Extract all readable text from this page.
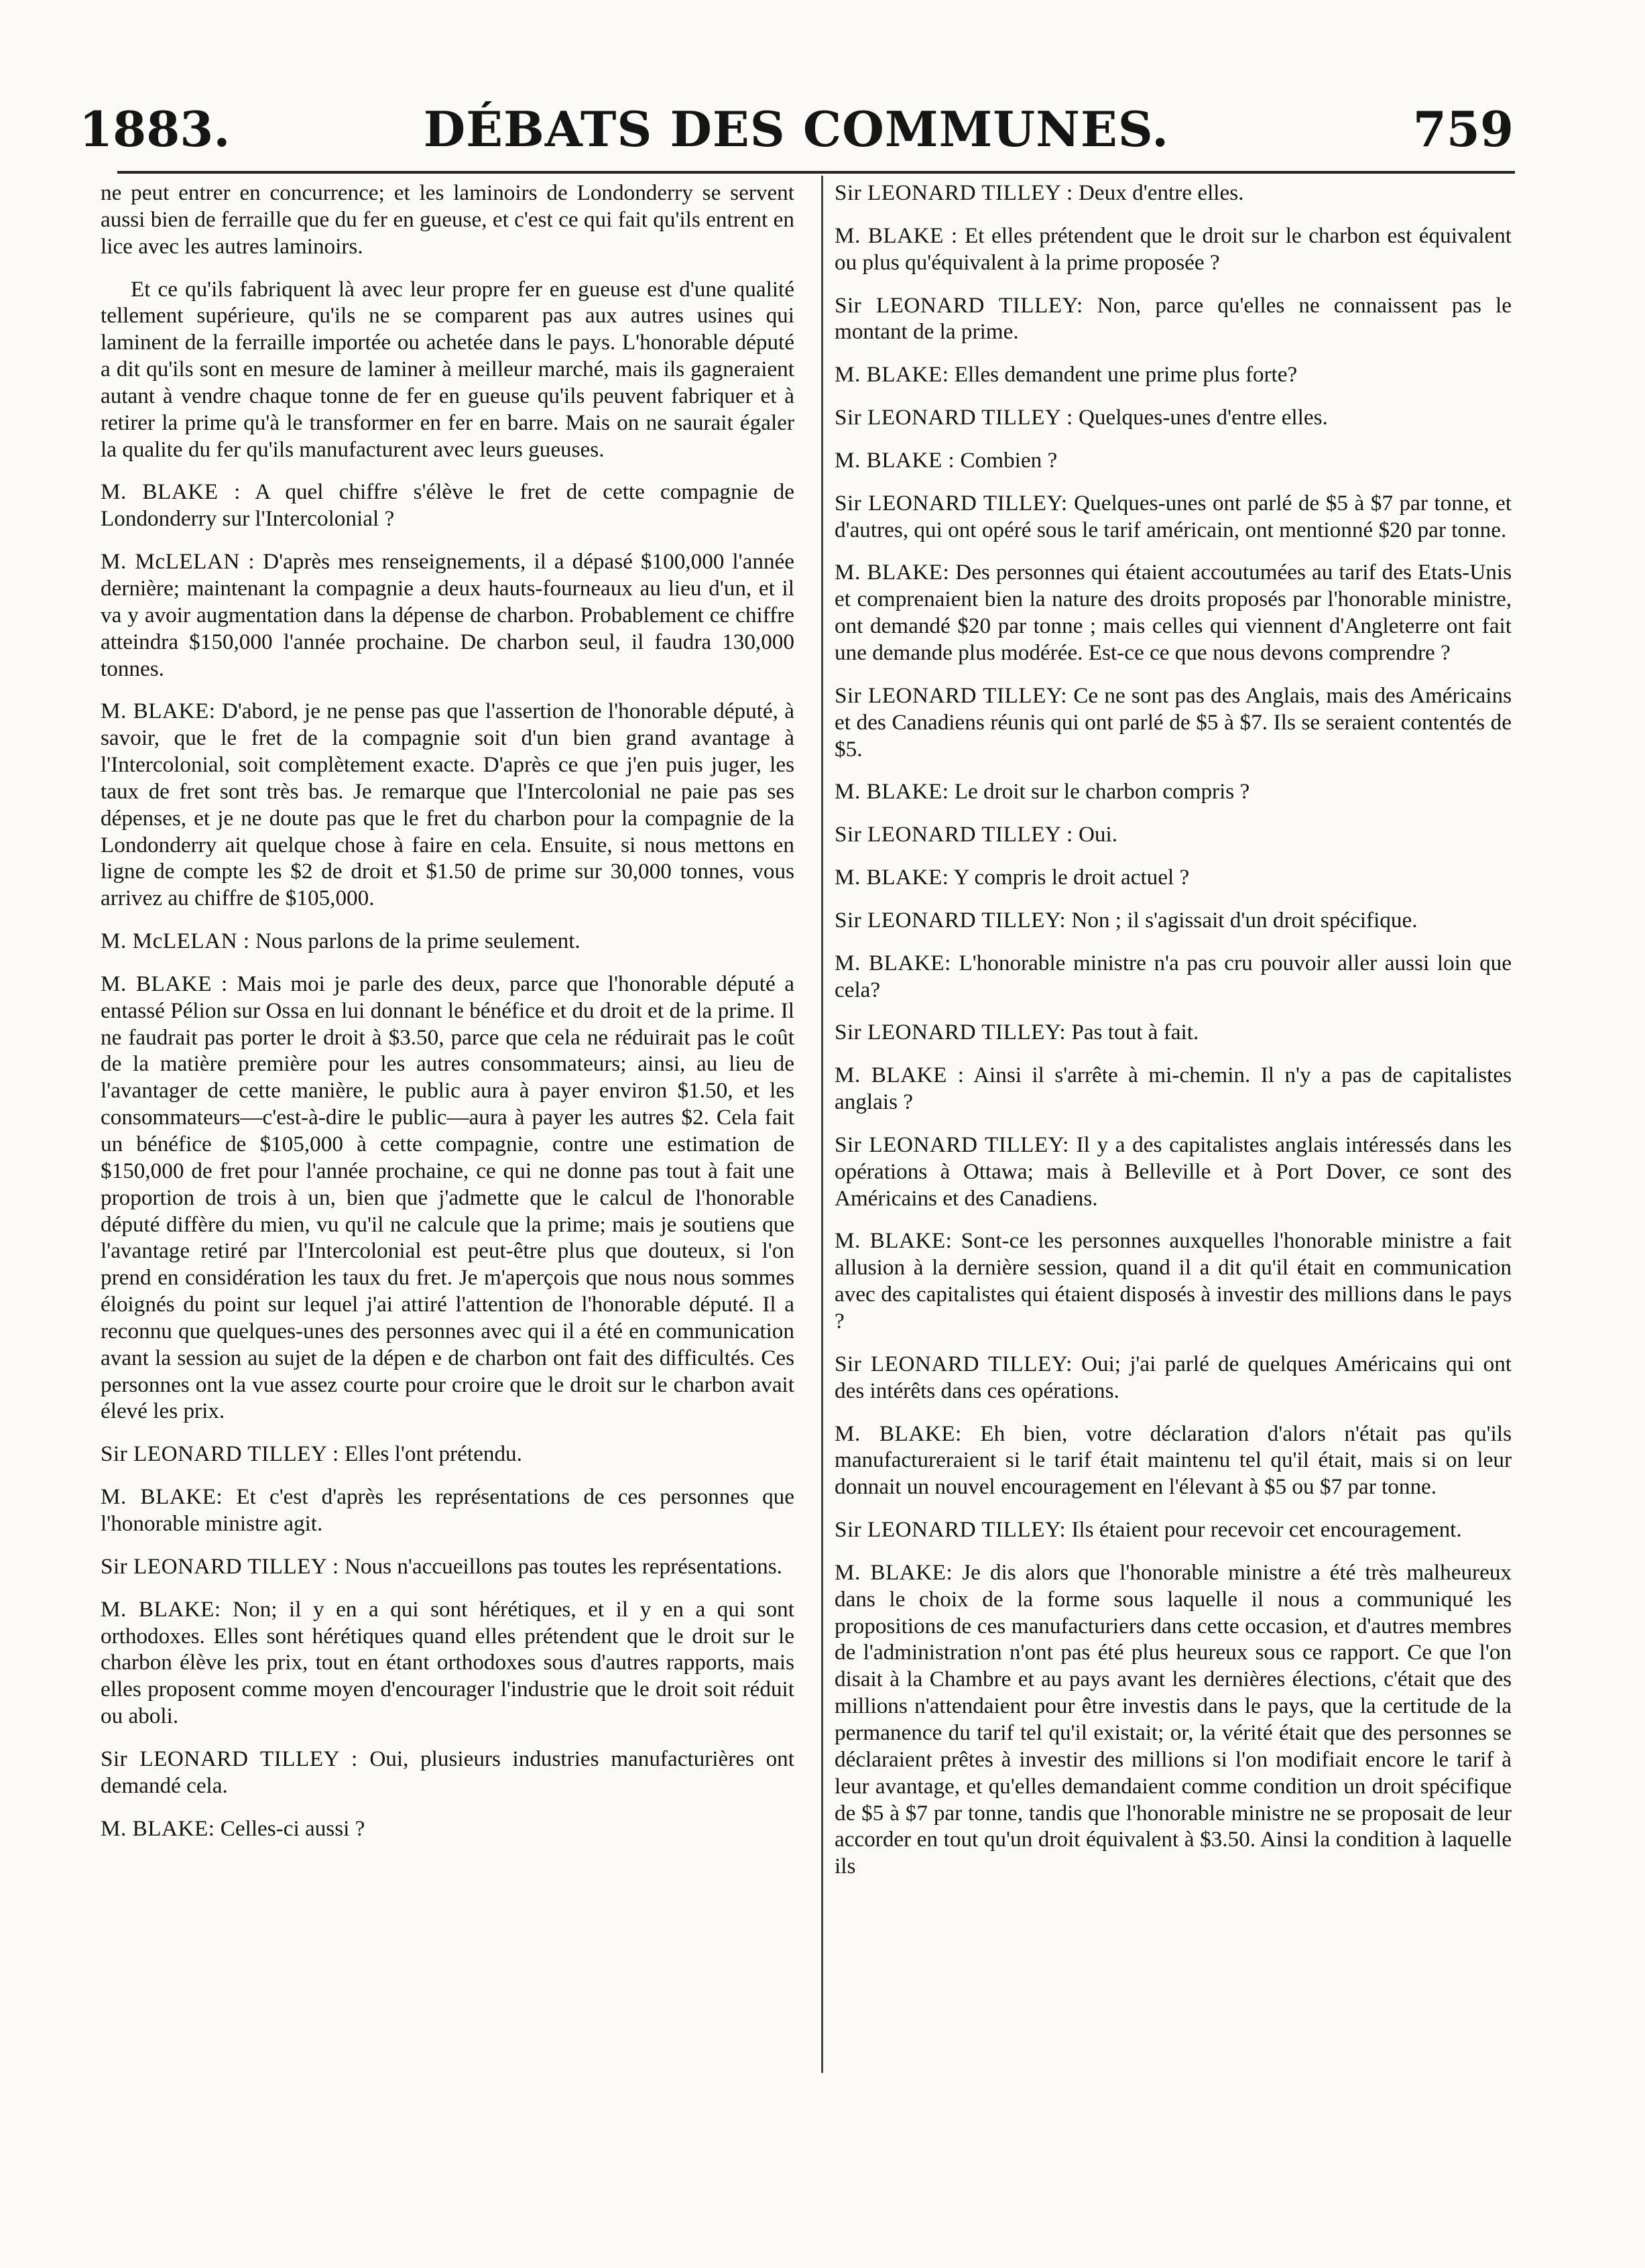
1883.	DÉBATS DES COMMUNES.	759

ne peut entrer en concurrence; et les laminoirs de Londonderry se servent aussi bien de ferraille que du fer en gueuse, et c'est ce qui fait qu'ils entrent en lice avec les autres laminoirs.

Et ce qu'ils fabriquent là avec leur propre fer en gueuse est d'une qualité tellement supérieure, qu'ils ne se comparent pas aux autres usines qui laminent de la ferraille importée ou achetée dans le pays. L'honorable député a dit qu'ils sont en mesure de laminer à meilleur marché, mais ils gagneraient autant à vendre chaque tonne de fer en gueuse qu'ils peuvent fabriquer et à retirer la prime qu'à le transformer en fer en barre. Mais on ne saurait égaler la qualite du fer qu'ils manufacturent avec leurs gueuses.

M. BLAKE : A quel chiffre s'élève le fret de cette compagnie de Londonderry sur l'Intercolonial ?

M. McLELAN : D'après mes renseignements, il a dépasé $100,000 l'année dernière; maintenant la compagnie a deux hauts-fourneaux au lieu d'un, et il va y avoir augmentation dans la dépense de charbon. Probablement ce chiffre atteindra $150,000 l'année prochaine. De charbon seul, il faudra 130,000 tonnes.

M. BLAKE: D'abord, je ne pense pas que l'assertion de l'honorable député, à savoir, que le fret de la compagnie soit d'un bien grand avantage à l'Intercolonial, soit complètement exacte. D'après ce que j'en puis juger, les taux de fret sont très bas. Je remarque que l'Intercolonial ne paie pas ses dépenses, et je ne doute pas que le fret du charbon pour la compagnie de la Londonderry ait quelque chose à faire en cela. Ensuite, si nous mettons en ligne de compte les $2 de droit et $1.50 de prime sur 30,000 tonnes, vous arrivez au chiffre de $105,000.

M. McLELAN : Nous parlons de la prime seulement.

M. BLAKE : Mais moi je parle des deux, parce que l'honorable député a entassé Pélion sur Ossa en lui donnant le bénéfice et du droit et de la prime. Il ne faudrait pas porter le droit à $3.50, parce que cela ne réduirait pas le coût de la matière première pour les autres consommateurs; ainsi, au lieu de l'avantager de cette manière, le public aura à payer environ $1.50, et les consommateurs—c'est-à-dire le public—aura à payer les autres $2. Cela fait un bénéfice de $105,000 à cette compagnie, contre une estimation de $150,000 de fret pour l'année prochaine, ce qui ne donne pas tout à fait une proportion de trois à un, bien que j'admette que le calcul de l'honorable député diffère du mien, vu qu'il ne calcule que la prime; mais je soutiens que l'avantage retiré par l'Intercolonial est peut-être plus que douteux, si l'on prend en considération les taux du fret. Je m'aperçois que nous nous sommes éloignés du point sur lequel j'ai attiré l'attention de l'honorable député. Il a reconnu que quelques-unes des personnes avec qui il a été en communication avant la session au sujet de la dépen e de charbon ont fait des difficultés. Ces personnes ont la vue assez courte pour croire que le droit sur le charbon avait élevé les prix.

Sir LEONARD TILLEY : Elles l'ont prétendu.

M. BLAKE: Et c'est d'après les représentations de ces personnes que l'honorable ministre agit.

Sir LEONARD TILLEY : Nous n'accueillons pas toutes les représentations.

M. BLAKE: Non; il y en a qui sont hérétiques, et il y en a qui sont orthodoxes. Elles sont hérétiques quand elles prétendent que le droit sur le charbon élève les prix, tout en étant orthodoxes sous d'autres rapports, mais elles proposent comme moyen d'encourager l'industrie que le droit soit réduit ou aboli.

Sir LEONARD TILLEY : Oui, plusieurs industries manufacturières ont demandé cela.

M. BLAKE: Celles-ci aussi ?

Sir LEONARD TILLEY : Deux d'entre elles.

M. BLAKE : Et elles prétendent que le droit sur le charbon est équivalent ou plus qu'équivalent à la prime proposée ?

Sir LEONARD TILLEY: Non, parce qu'elles ne connaissent pas le montant de la prime.

M. BLAKE: Elles demandent une prime plus forte?

Sir LEONARD TILLEY : Quelques-unes d'entre elles.

M. BLAKE : Combien ?

Sir LEONARD TILLEY: Quelques-unes ont parlé de $5 à $7 par tonne, et d'autres, qui ont opéré sous le tarif américain, ont mentionné $20 par tonne.

M. BLAKE: Des personnes qui étaient accoutumées au tarif des Etats-Unis et comprenaient bien la nature des droits proposés par l'honorable ministre, ont demandé $20 par tonne ; mais celles qui viennent d'Angleterre ont fait une demande plus modérée. Est-ce ce que nous devons comprendre ?

Sir LEONARD TILLEY: Ce ne sont pas des Anglais, mais des Américains et des Canadiens réunis qui ont parlé de $5 à $7. Ils se seraient contentés de $5.

M. BLAKE: Le droit sur le charbon compris ?

Sir LEONARD TILLEY : Oui.

M. BLAKE: Y compris le droit actuel ?

Sir LEONARD TILLEY: Non ; il s'agissait d'un droit spécifique.

M. BLAKE: L'honorable ministre n'a pas cru pouvoir aller aussi loin que cela?

Sir LEONARD TILLEY: Pas tout à fait.

M. BLAKE : Ainsi il s'arrête à mi-chemin. Il n'y a pas de capitalistes anglais ?

Sir LEONARD TILLEY: Il y a des capitalistes anglais intéressés dans les opérations à Ottawa; mais à Belleville et à Port Dover, ce sont des Américains et des Canadiens.

M. BLAKE: Sont-ce les personnes auxquelles l'honorable ministre a fait allusion à la dernière session, quand il a dit qu'il était en communication avec des capitalistes qui étaient disposés à investir des millions dans le pays ?

Sir LEONARD TILLEY: Oui; j'ai parlé de quelques Américains qui ont des intérêts dans ces opérations.

M. BLAKE: Eh bien, votre déclaration d'alors n'était pas qu'ils manufactureraient si le tarif était maintenu tel qu'il était, mais si on leur donnait un nouvel encouragement en l'élevant à $5 ou $7 par tonne.

Sir LEONARD TILLEY: Ils étaient pour recevoir cet encouragement.

M. BLAKE: Je dis alors que l'honorable ministre a été très malheureux dans le choix de la forme sous laquelle il nous a communiqué les propositions de ces manufacturiers dans cette occasion, et d'autres membres de l'administration n'ont pas été plus heureux sous ce rapport. Ce que l'on disait à la Chambre et au pays avant les dernières élections, c'était que des millions n'attendaient pour être investis dans le pays, que la certitude de la permanence du tarif tel qu'il existait; or, la vérité était que des personnes se déclaraient prêtes à investir des millions si l'on modifiait encore le tarif à leur avantage, et qu'elles demandaient comme condition un droit spécifique de $5 à $7 par tonne, tandis que l'honorable ministre ne se proposait de leur accorder en tout qu'un droit équivalent à $3.50. Ainsi la condition à laquelle ils
